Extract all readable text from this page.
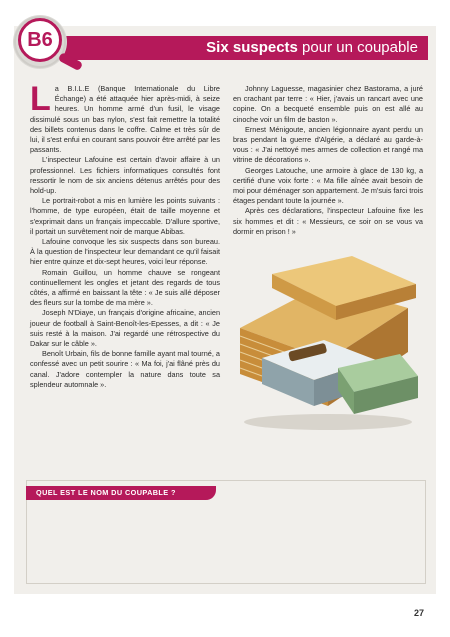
Six suspects pour un coupable
B6

La B.I.L.E (Banque Internationale du Libre Échange) a été attaquée hier après-midi, à seize heures. Un homme armé d'un fusil, le visage dissimulé sous un bas nylon, s'est fait remettre la totalité des billets contenus dans le coffre. Calme et très sûr de lui, il s'est enfui en courant sans pouvoir être arrêté par les passants.

L'inspecteur Lafouine est certain d'avoir affaire à un professionnel. Les fichiers informatiques consultés font ressortir le nom de six anciens détenus arrêtés pour des hold-up.

Le portrait-robot a mis en lumière les points suivants : l'homme, de type européen, était de taille moyenne et s'exprimait dans un français impeccable. D'allure sportive, il portait un survêtement noir de marque Abibas.

Lafouine convoque les six suspects dans son bureau. À la question de l'inspecteur leur demandant ce qu'il faisait hier entre quinze et dix-sept heures, voici leur réponse.

Romain Guillou, un homme chauve se rongeant continuellement les ongles et jetant des regards de tous côtés, a affirmé en baissant la tête : « Je suis allé déposer des fleurs sur la tombe de ma mère ».

Joseph N'Diaye, un français d'origine africaine, ancien joueur de football à Saint-Benoît-les-Epesses, a dit : « Je suis resté à la maison. J'ai regardé une rétrospective du Dakar sur le câble ».

Benoît Urbain, fils de bonne famille ayant mal tourné, a confessé avec un petit sourire : « Ma foi, j'ai flâné près du canal. J'adore contempler la nature dans toute sa splendeur automnale ».

Johnny Laguesse, magasinier chez Bastorama, a juré en crachant par terre : « Hier, j'avais un rancart avec une copine. On a becqueté ensemble puis on est allé au cinoche voir un film de baston ».

Ernest Ménigoute, ancien légionnaire ayant perdu un bras pendant la guerre d'Algérie, a déclaré au garde-à-vous : « J'ai nettoyé mes armes de collection et rangé ma vitrine de décorations ».

Georges Latouche, une armoire à glace de 130 kg, a certifié d'une voix forte : « Ma fille aînée avait besoin de moi pour déménager son appartement. Je m'suis farci trois étages pendant toute la journée ».

Après ces déclarations, l'inspecteur Lafouine fixe les six hommes et dit : « Messieurs, ce soir on se vous va dormir en prison ! »

QUEL EST LE NOM DU COUPABLE ?
27
